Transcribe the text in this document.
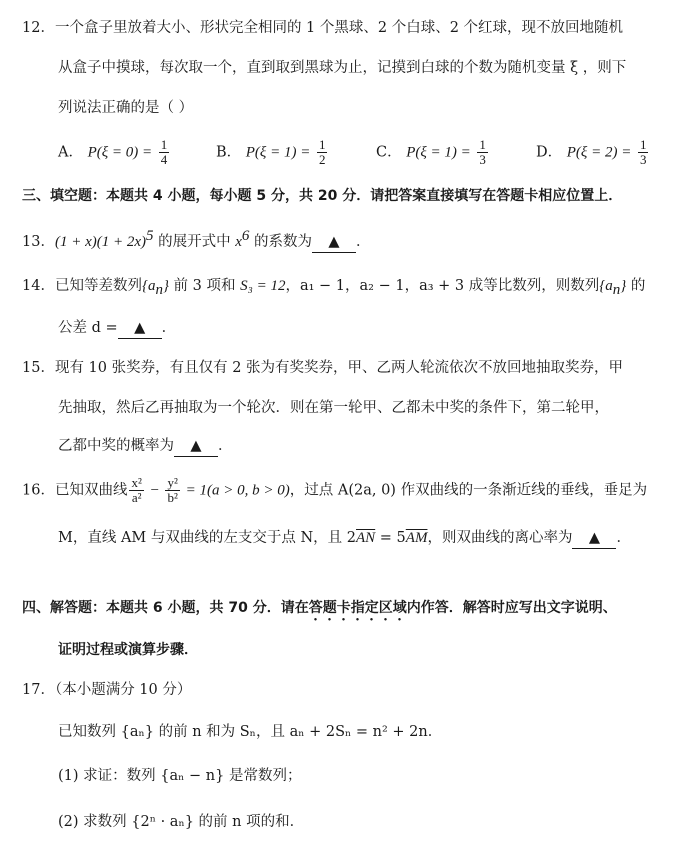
12．一个盒子里放着大小、形状完全相同的 1 个黑球、2 个白球、2 个红球，现不放回地随机
从盒子中摸球，每次取一个，直到取到黑球为止，记摸到白球的个数为随机变量 ξ ，则下
列说法正确的是（ ）
A． $P(\xi = 0) = \frac{1}{4}$	B． $P(\xi = 1) = \frac{1}{2}$	C． $P(\xi = 1) = \frac{1}{3}$	D． $P(\xi = 2) = \frac{1}{3}$
三、填空题：本题共 4 小题，每小题 5 分，共 20 分．请把答案直接填写在答题卡相应位置上．
13．$(1 + x)(1 + 2x)^5$ 的展开式中 $x^6$ 的系数为 ▲ ．
14．已知等差数列$\{a_n\}$ 前 3 项和 S₃ = 12，a₁ − 1，a₂ − 1，a₃ + 3 成等比数列，则数列$\{a_n\}$ 的
公差 d = ▲ ．
15．现有 10 张奖券，有且仅有 2 张为有奖奖券，甲、乙两人轮流依次不放回地抽取奖券，甲
先抽取，然后乙再抽取为一个轮次．则在第一轮甲、乙都未中奖的条件下，第二轮甲，
乙都中奖的概率为 ▲ ．
16．已知双曲线 $\frac{\text{x²}}{\text{a²}} - \frac{\text{y²}}{\text{b²}} = 1(a > 0$, b > 0)，过点 A(2a, 0) 作双曲线的一条渐近线的垂线，垂足为
M，直线 AM 与双曲线的左支交于点 N，且 $2\overline{AN} = 5\overline{AM}$，则双曲线的离心率为 ▲ ．
四、解答题：本题共 6 小题，共 70 分．请在答题卡指定区域内作答．解答时应写出文字说明、
证明过程或演算步骤．
17．（本小题满分 10 分）
已知数列 {aₙ} 的前 n 和为 Sₙ，且 aₙ + 2Sₙ = n² + 2n．
(1) 求证：数列 {aₙ − n} 是常数列；
(2) 求数列 {2ⁿ · aₙ} 的前 n 项的和．
